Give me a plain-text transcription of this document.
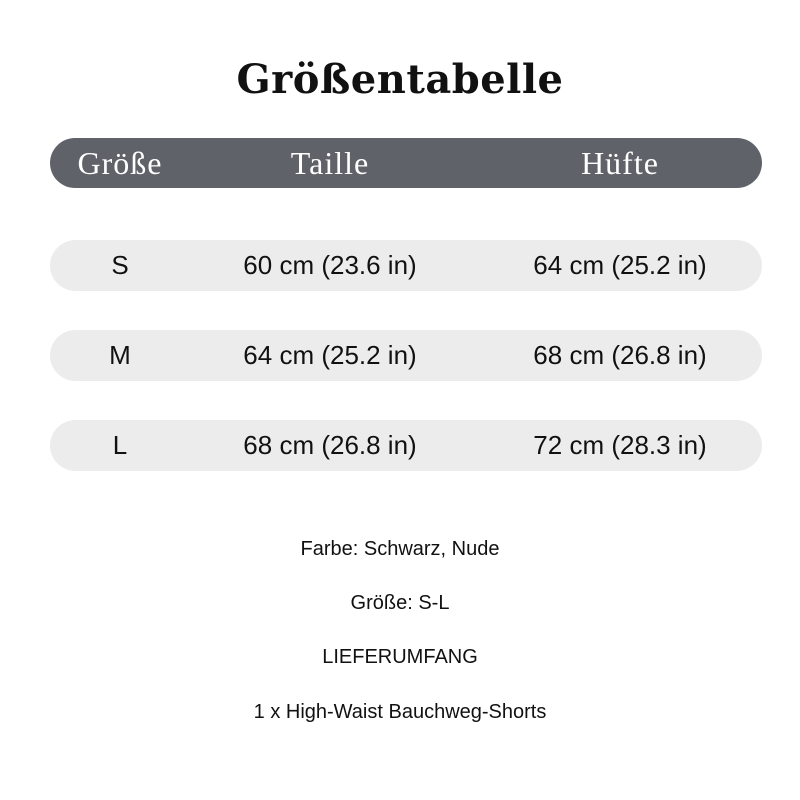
Größentabelle
Größe	Taille	Hüfte
S	60 cm (23.6 in)	64 cm (25.2 in)
M	64 cm (25.2 in)	68 cm (26.8 in)
L	68 cm (26.8 in)	72 cm (28.3 in)
Farbe: Schwarz, Nude
Größe: S-L
LIEFERUMFANG
1 x High-Waist Bauchweg-Shorts
